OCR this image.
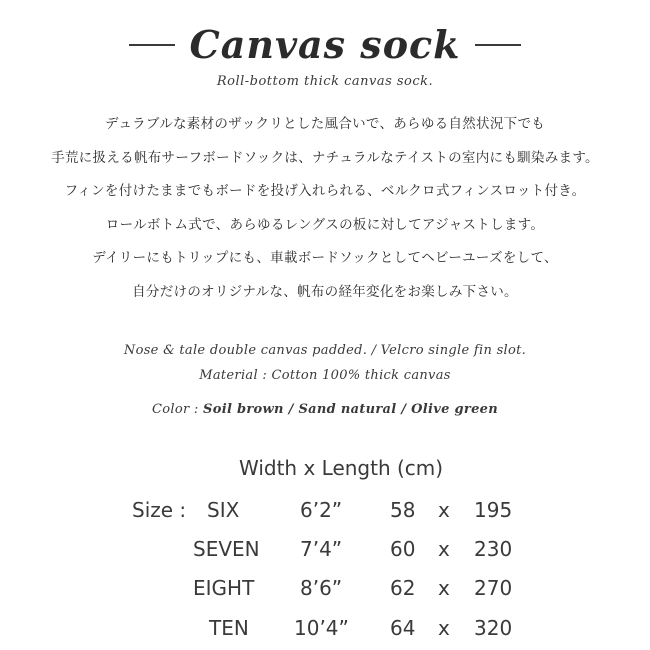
Canvas sock
Roll-bottom thick canvas sock.
デュラブルな素材のザックリとした風合いで、あらゆる自然状況下でも
手荒に扱える帆布サーフボードソックは、ナチュラルなテイストの室内にも馴染みます。
フィンを付けたままでもボードを投げ入れられる、ベルクロ式フィンスロット付き。
ロールボトム式で、あらゆるレングスの板に対してアジャストします。
デイリーにもトリップにも、車載ボードソックとしてヘビーユーズをして、
自分だけのオリジナルな、帆布の経年変化をお楽しみ下さい。
Nose & tale double canvas padded. / Velcro single fin slot.
Material : Cotton 100% thick canvas
Color : Soil brown / Sand natural / Olive green
Width x Length (cm)
Size : SIX	6’2” 58 x 195
SEVEN 7’4” 60 x 230
EIGHT 8’6” 62 x 270
TEN 10’4” 64 x 320
